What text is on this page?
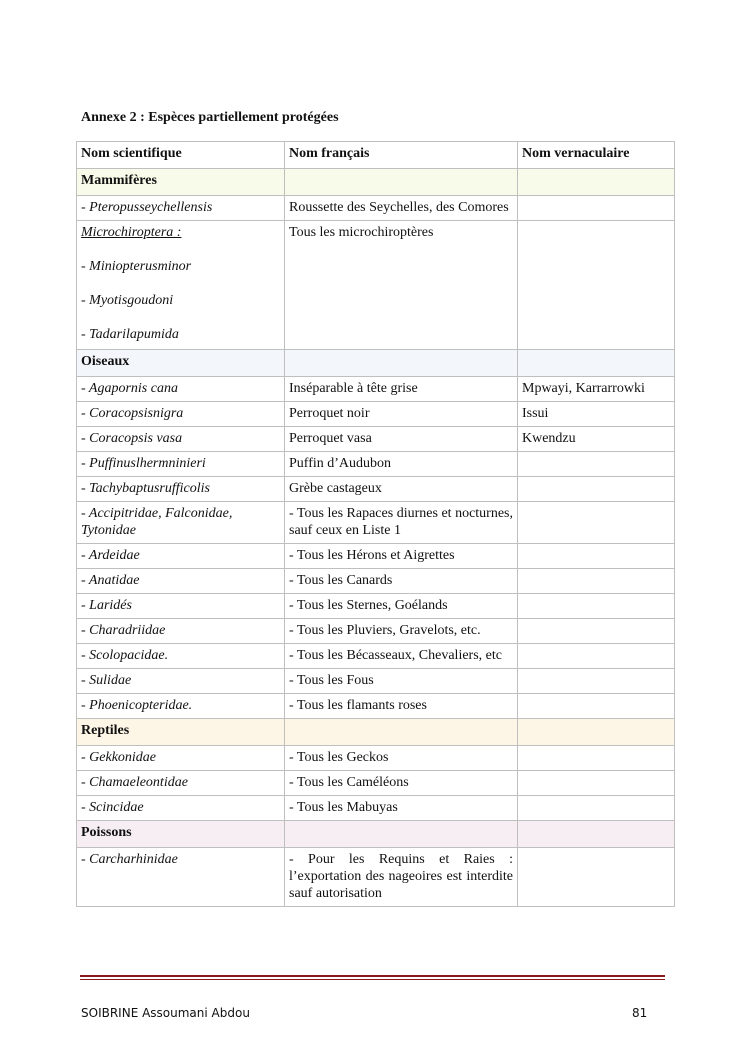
Annexe 2 : Espèces partiellement protégées
Nom scientifique	Nom français	Nom vernaculaire
Mammifères		
- Pteropusseychellensis	Roussette des Seychelles, des Comores	

Microchiroptera :
- Miniopterusminor
- Myotisgoudoni
- Tadarilapumida	Tous les microchiroptères	
Oiseaux		
- Agapornis cana	Inséparable à tête grise	Mpwayi, Karrarrowki
- Coracopsisnigra	Perroquet noir	Issui
- Coracopsis vasa	Perroquet vasa	Kwendzu
- Puffinuslhermninieri	Puffin d’Audubon	
- Tachybaptusrufficolis	Grèbe castageux	
- Accipitridae, Falconidae, Tytonidae	- Tous les Rapaces diurnes et nocturnes, sauf ceux en Liste 1	
- Ardeidae	- Tous les Hérons et Aigrettes	
- Anatidae	- Tous les Canards	
- Laridés	- Tous les Sternes, Goélands	
- Charadriidae	- Tous les Pluviers, Gravelots, etc.	
- Scolopacidae.	- Tous les Bécasseaux, Chevaliers, etc	
- Sulidae	- Tous les Fous	
- Phoenicopteridae.	- Tous les flamants roses	
Reptiles		
- Gekkonidae	- Tous les Geckos	
- Chamaeleontidae	- Tous les Caméléons	
- Scincidae	- Tous les Mabuyas	
Poissons		
- Carcharhinidae	- Pour les Requins et Raies : l’exportation des nageoires est interdite sauf autorisation	
SOIBRINE Assoumani Abdou	81
